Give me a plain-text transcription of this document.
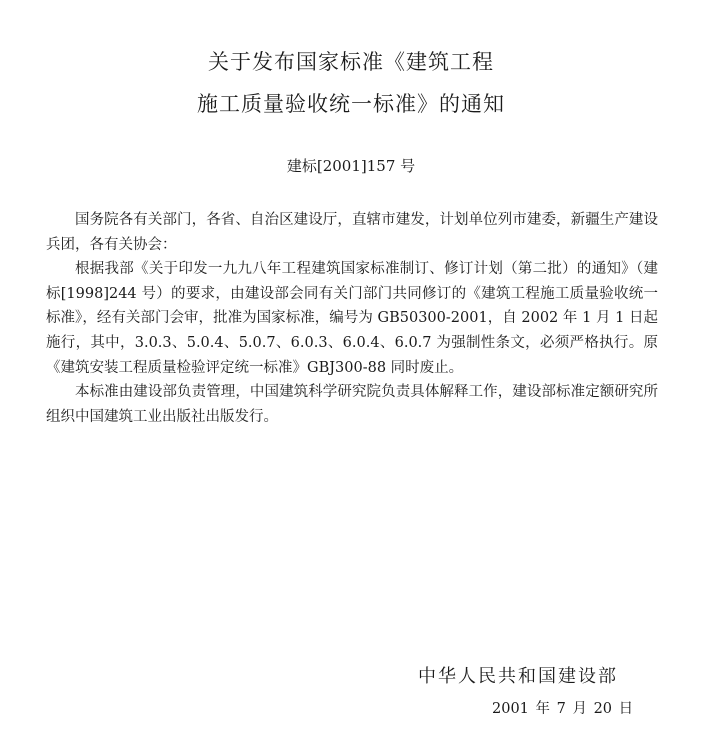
关于发布国家标准《建筑工程
施工质量验收统一标准》的通知
建标[2001]157 号

国务院各有关部门，各省、自治区建设厅，直辖市建发，计划单位列市建委，新疆生产建设兵团，各有关协会：

根据我部《关于印发一九九八年工程建筑国家标准制订、修订计划（第二批）的通知》（建标[1998]244 号）的要求，由建设部会同有关门部门共同修订的《建筑工程施工质量验收统一标准》，经有关部门会审，批准为国家标准，编号为 GB50300-2001，自 2002 年 1 月 1 日起施行，其中，3.0.3、5.0.4、5.0.7、6.0.3、6.0.4、6.0.7 为强制性条文，必须严格执行。原《建筑安装工程质量检验评定统一标准》GBJ300-88 同时废止。

本标准由建设部负责管理，中国建筑科学研究院负责具体解释工作，建设部标准定额研究所组织中国建筑工业出版社出版发行。

中华人民共和国建设部
2001 年 7 月 20 日
